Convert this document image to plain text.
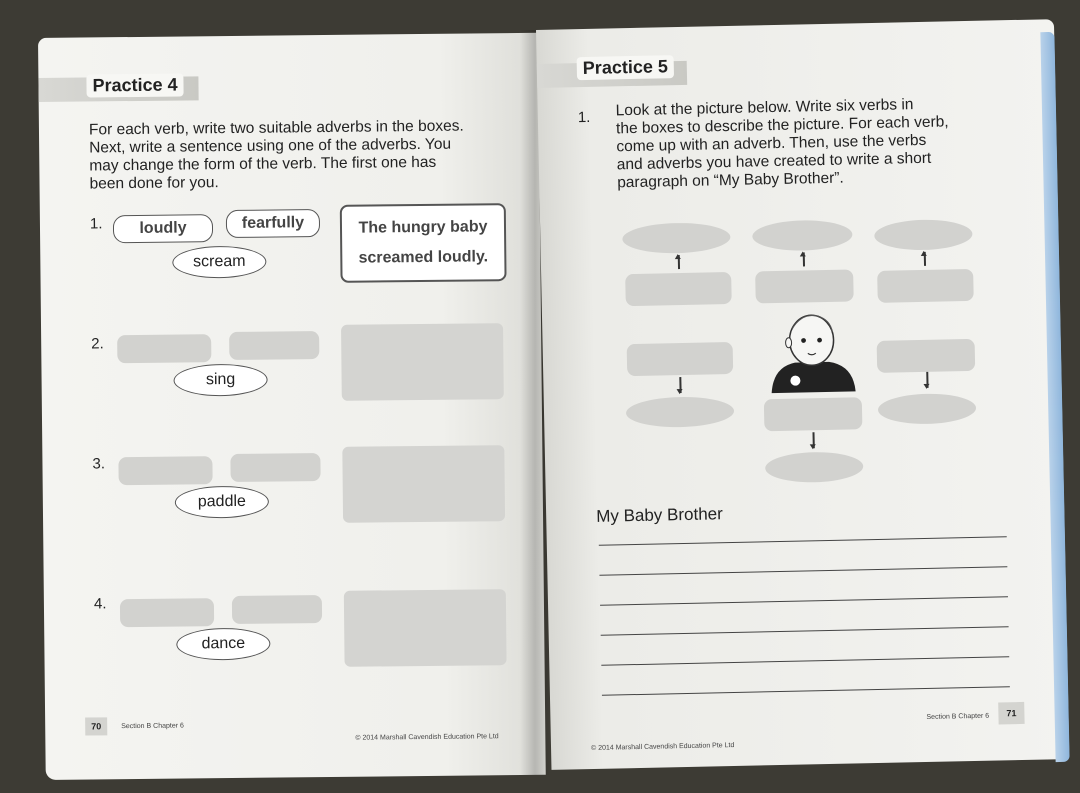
Practice 4
For each verb, write two suitable adverbs in the boxes.
Next, write a sentence using one of the adverbs. You
may change the form of the verb. The first one has
been done for you.
1.	loudly	fearfully
scream
The hungry baby
screamed loudly.
2.
sing
3.
paddle
4.
dance
70	Section B Chapter 6
© 2014 Marshall Cavendish Education Pte Ltd
Practice 5
1. Look at the picture below. Write six verbs in
the boxes to describe the picture. For each verb,
come up with an adverb. Then, use the verbs
and adverbs you have created to write a short
paragraph on “My Baby Brother”.
My Baby Brother
© 2014 Marshall Cavendish Education Pte Ltd
Section B Chapter 6	71
